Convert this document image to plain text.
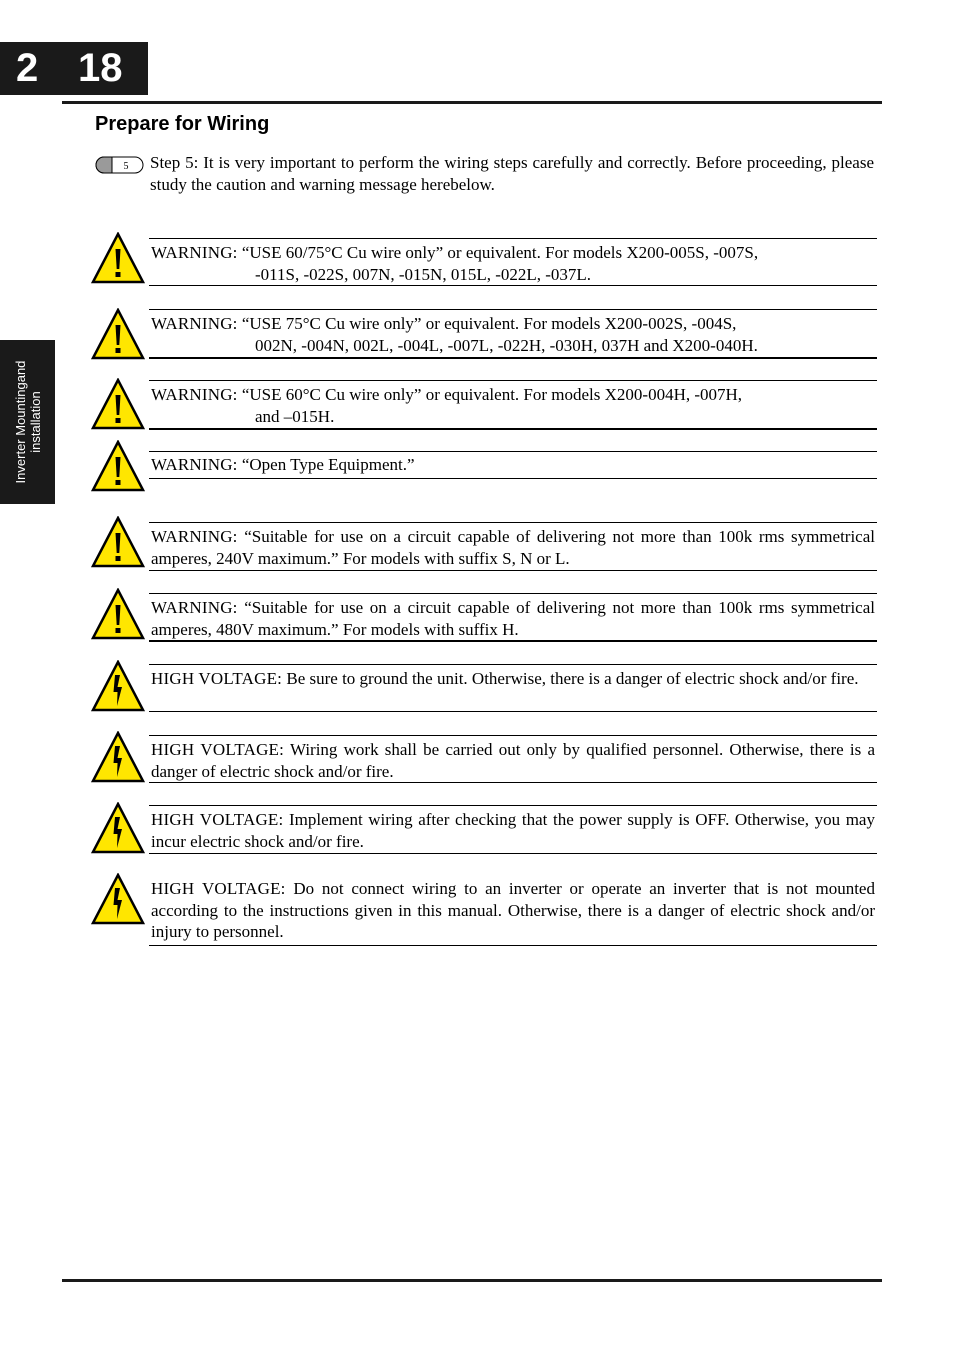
2 18
Prepare for Wiring
Inverter Mountingand installation
5 Step 5: It is very important to perform the wiring steps carefully and correctly. Before proceeding, please study the caution and warning message herebelow.
WARNING: “USE 60/75°C Cu wire only” or equivalent. For models X200-005S, -007S,
-011S, -022S, 007N, -015N, 015L, -022L, -037L.
WARNING: “USE 75°C Cu wire only” or equivalent. For models X200-002S, -004S,
002N, -004N, 002L, -004L, -007L, -022H, -030H, 037H and X200-040H.
WARNING: “USE 60°C Cu wire only” or equivalent. For models X200-004H, -007H,
and –015H.
WARNING: “Open Type Equipment.”
WARNING: “Suitable for use on a circuit capable of delivering not more than 100k rms symmetrical amperes, 240V maximum.” For models with suffix S, N or L.
WARNING: “Suitable for use on a circuit capable of delivering not more than 100k rms symmetrical amperes, 480V maximum.” For models with suffix H.
HIGH VOLTAGE: Be sure to ground the unit. Otherwise, there is a danger of electric shock and/or fire.
HIGH VOLTAGE: Wiring work shall be carried out only by qualified personnel. Otherwise, there is a danger of electric shock and/or fire.
HIGH VOLTAGE: Implement wiring after checking that the power supply is OFF. Otherwise, you may incur electric shock and/or fire.
HIGH VOLTAGE: Do not connect wiring to an inverter or operate an inverter that is not mounted according to the instructions given in this manual. Otherwise, there is a danger of electric shock and/or injury to personnel.
